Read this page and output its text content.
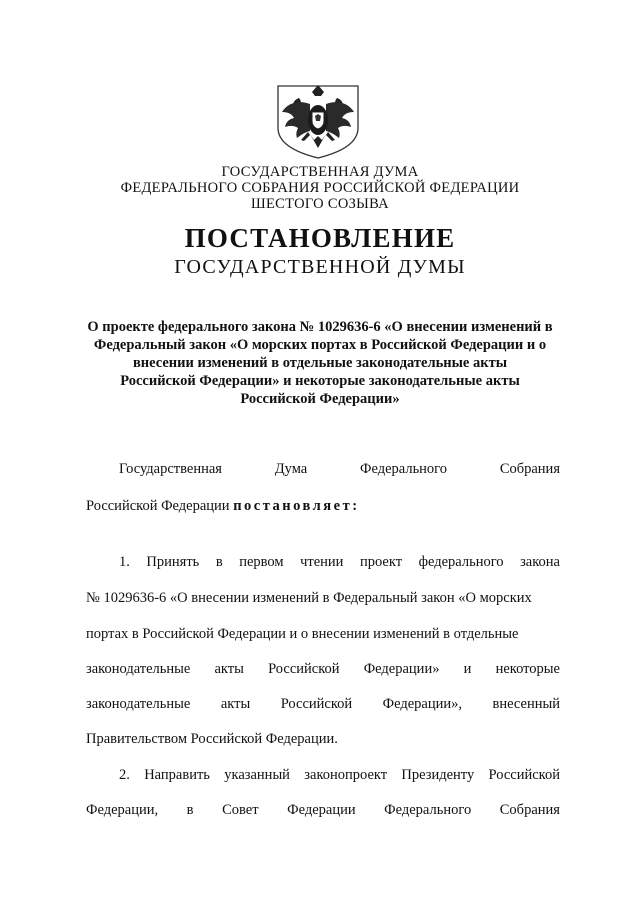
ГОСУДАРСТВЕННАЯ ДУМА
ФЕДЕРАЛЬНОГО СОБРАНИЯ РОССИЙСКОЙ ФЕДЕРАЦИИ
ШЕСТОГО СОЗЫВА
ПОСТАНОВЛЕНИЕ
ГОСУДАРСТВЕННОЙ ДУМЫ
О проекте федерального закона № 1029636-6 «О внесении изменений в
Федеральный закон «О морских портах в Российской Федерации и о
внесении изменений в отдельные законодательные акты
Российской Федерации» и некоторые законодательные акты
Российской Федерации»
Государственная	Дума	Федерального	Собрания
Российской Федерации постановляет:
1. Принять в первом чтении проект федерального закона
№ 1029636-6 «О внесении изменений в Федеральный закон «О морских
портах в Российской Федерации и о внесении изменений в отдельные
законодательные акты Российской Федерации» и некоторые
законодательные акты Российской Федерации», внесенный
Правительством Российской Федерации.
2. Направить указанный законопроект Президенту Российской
Федерации, в Совет Федерации Федерального Собрания
